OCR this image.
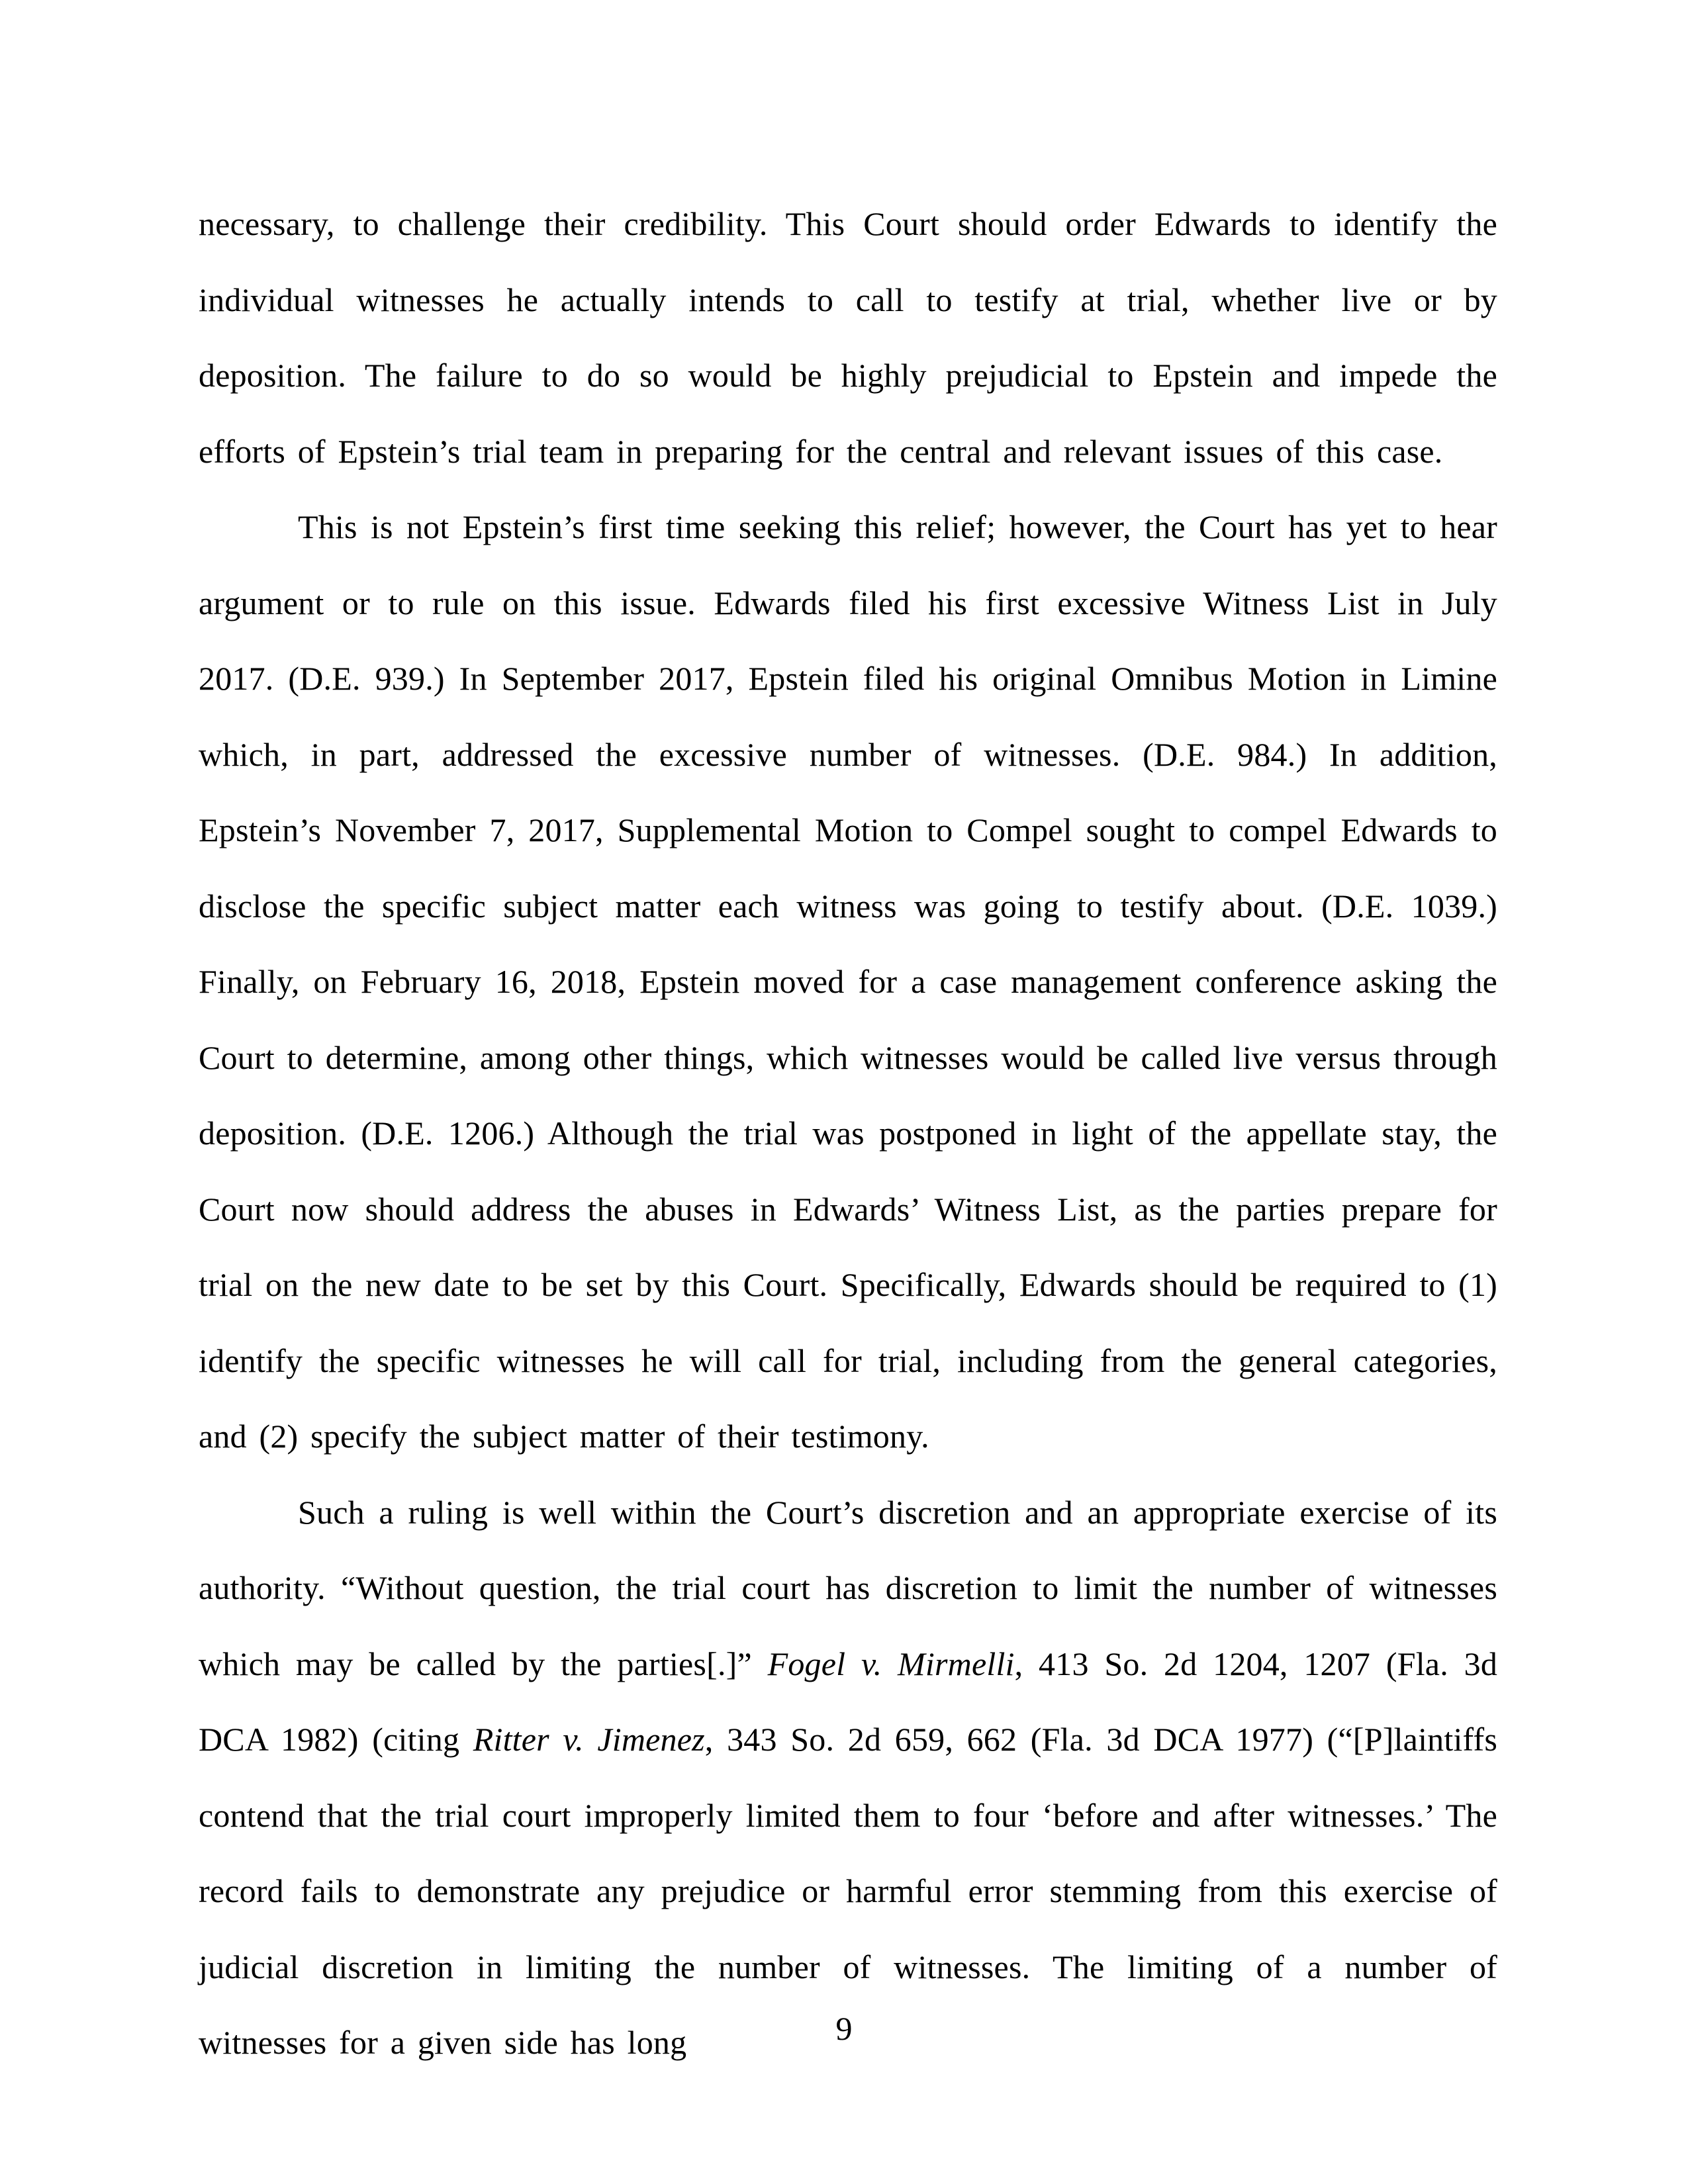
necessary, to challenge their credibility. This Court should order Edwards to identify the individual witnesses he actually intends to call to testify at trial, whether live or by deposition. The failure to do so would be highly prejudicial to Epstein and impede the efforts of Epstein’s trial team in preparing for the central and relevant issues of this case.

This is not Epstein’s first time seeking this relief; however, the Court has yet to hear argument or to rule on this issue. Edwards filed his first excessive Witness List in July 2017. (D.E. 939.) In September 2017, Epstein filed his original Omnibus Motion in Limine which, in part, addressed the excessive number of witnesses. (D.E. 984.) In addition, Epstein’s November 7, 2017, Supplemental Motion to Compel sought to compel Edwards to disclose the specific subject matter each witness was going to testify about. (D.E. 1039.) Finally, on February 16, 2018, Epstein moved for a case management conference asking the Court to determine, among other things, which witnesses would be called live versus through deposition. (D.E. 1206.) Although the trial was postponed in light of the appellate stay, the Court now should address the abuses in Edwards’ Witness List, as the parties prepare for trial on the new date to be set by this Court. Specifically, Edwards should be required to (1) identify the specific witnesses he will call for trial, including from the general categories, and (2) specify the subject matter of their testimony.

Such a ruling is well within the Court’s discretion and an appropriate exercise of its authority. “Without question, the trial court has discretion to limit the number of witnesses which may be called by the parties[.]” Fogel v. Mirmelli, 413 So. 2d 1204, 1207 (Fla. 3d DCA 1982) (citing Ritter v. Jimenez, 343 So. 2d 659, 662 (Fla. 3d DCA 1977) (“[P]laintiffs contend that the trial court improperly limited them to four ‘before and after witnesses.’ The record fails to demonstrate any prejudice or harmful error stemming from this exercise of judicial discretion in limiting the number of witnesses. The limiting of a number of witnesses for a given side has long	9
